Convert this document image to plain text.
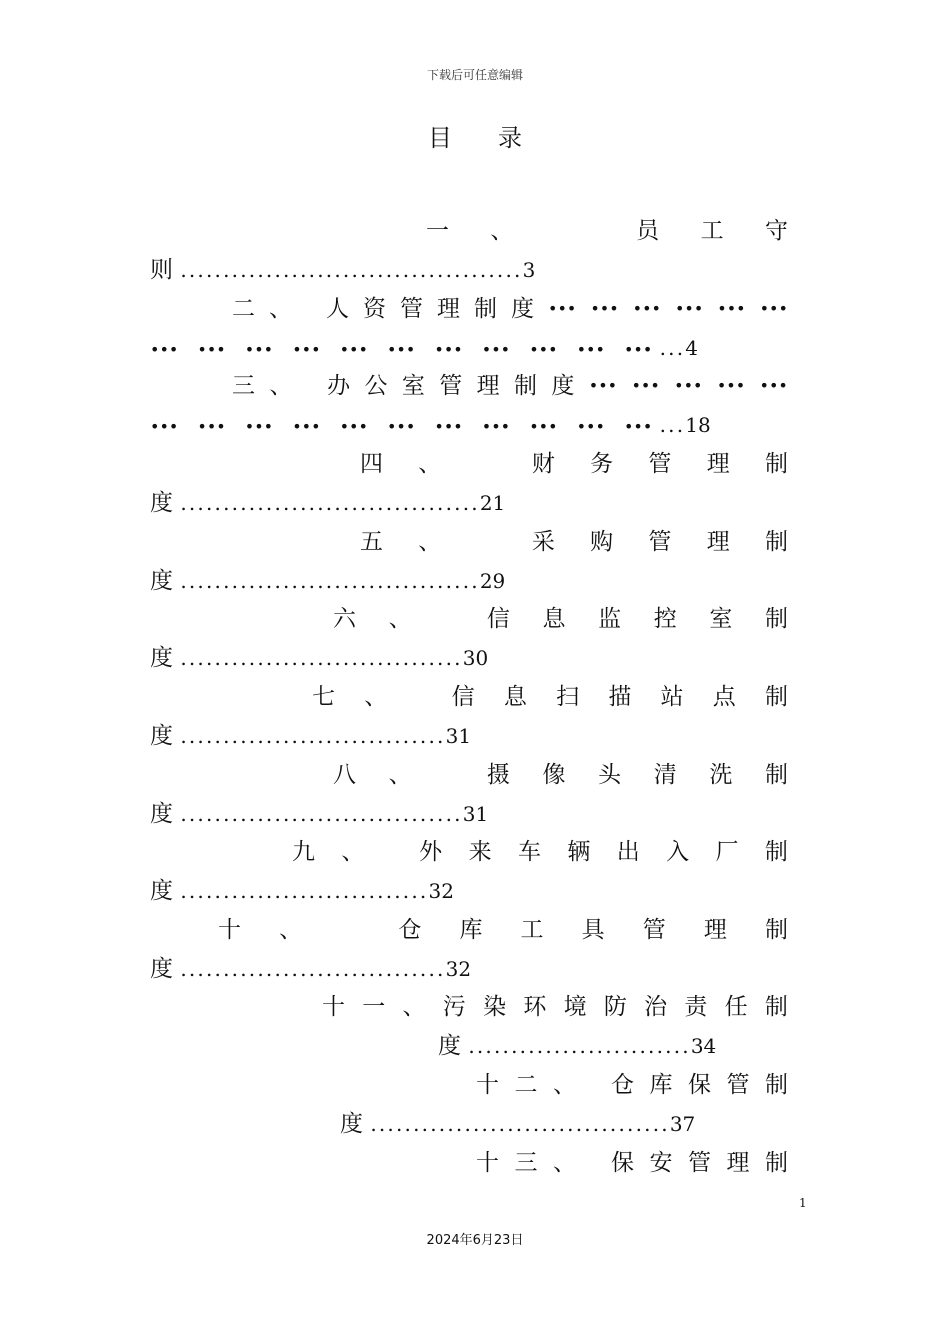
下载后可任意编辑
目 录
一 、	员 工 守
则 ........................................3
二 、 人 资 管 理 制 度 ••• ••• ••• ••• ••• •••
••• ••• ••• ••• ••• ••• ••• ••• ••• ••• ••• ...4
三 、 办 公 室 管 理 制 度 ••• ••• ••• ••• •••
••• ••• ••• ••• ••• ••• ••• ••• ••• ••• ••• ...18
四 、	财 务 管 理 制
度 ...................................21
五 、	采 购 管 理 制
度 ...................................29
六 、	信 息 监 控 室 制
度 .................................30
七 、	信 息 扫 描 站 点 制
度 ...............................31
八 、	摄 像 头 清 洗 制
度 .................................31
九 、 外 来 车 辆 出 入 厂 制
度 .............................32
十 、	仓 库 工 具 管 理 制
度 ...............................32
十 一 、 污 染 环 境 防 治 责 任 制
度 ..........................34
十 二 、 仓 库 保 管 制
度 ...................................37
十 三 、 保 安 管 理 制
1
2024年6月23日
